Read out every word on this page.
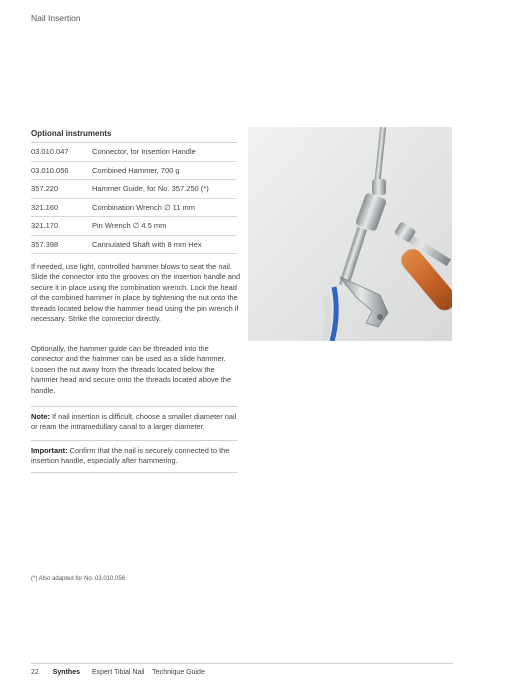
Nail Insertion
Optional instruments
03.010.047	Connector, for Insertion Handle
03.010.056	Combined Hammer, 700 g
357.220	Hammer Guide, for No. 357.250 (*)
321.160	Combination Wrench ∅ 11 mm
321.170	Pin Wrench ∅ 4.5 mm
357.398	Cannulated Shaft with 8 mm Hex

If needed, use light, controlled hammer blows to seat the nail. Slide the connector into the grooves on the insertion handle and secure it in place using the combination wrench. Lock the head of the combined hammer in place by tightening the nut onto the threads located below the hammer head using the pin wrench if necessary. Strike the connector directly.

Optionally, the hammer guide can be threaded into the connector and the hammer can be used as a slide hammer. Loosen the nut away from the threads located below the hammer head and secure onto the threads located above the handle.

Note: If nail insertion is difficult, choose a smaller diameter nail or ream the intramedullary canal to a larger diameter.

Important: Confirm that the nail is securely connected to the insertion handle, especially after hammering.

(*) Also adapted for No. 03.010.056
22 Synthes Expert Tibial Nail Technique Guide
